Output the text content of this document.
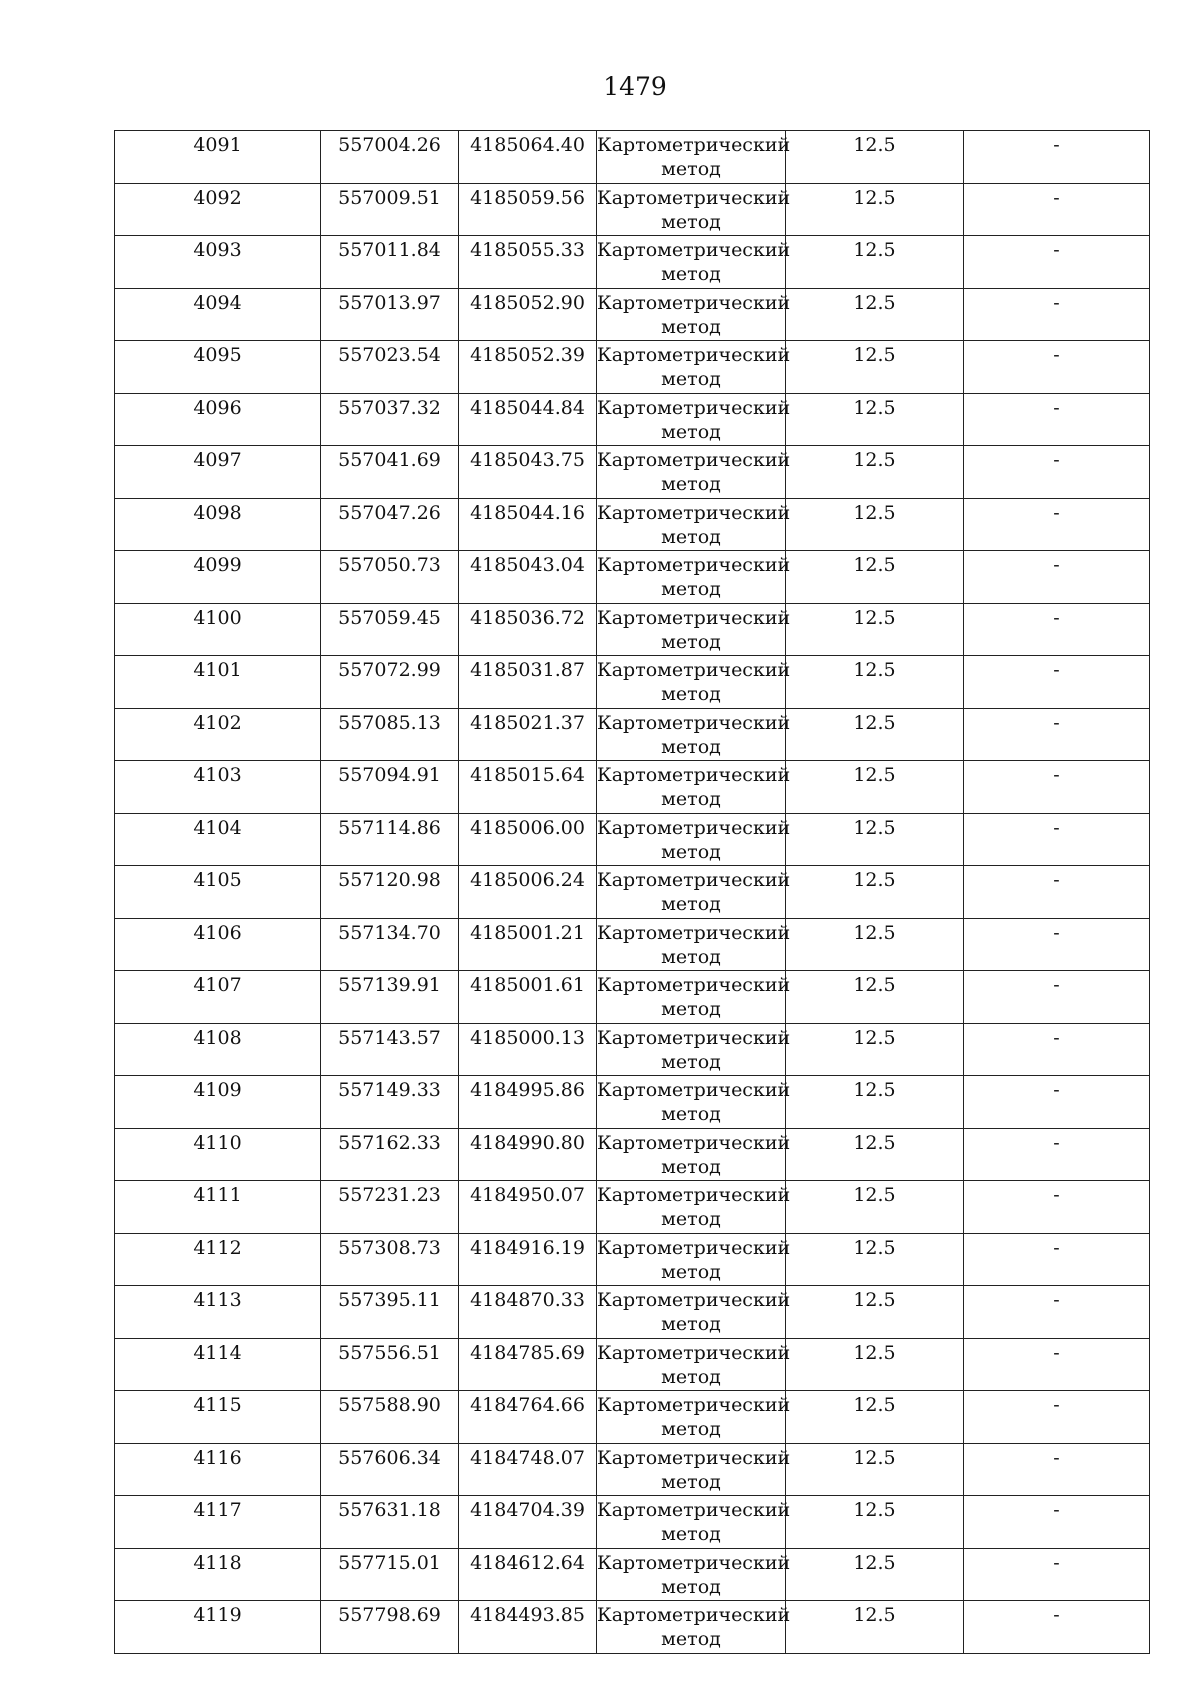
1479
4091	557004.26	4185064.40	Картометрический метод	12.5	-
4092	557009.51	4185059.56	Картометрический метод	12.5	-
4093	557011.84	4185055.33	Картометрический метод	12.5	-
4094	557013.97	4185052.90	Картометрический метод	12.5	-
4095	557023.54	4185052.39	Картометрический метод	12.5	-
4096	557037.32	4185044.84	Картометрический метод	12.5	-
4097	557041.69	4185043.75	Картометрический метод	12.5	-
4098	557047.26	4185044.16	Картометрический метод	12.5	-
4099	557050.73	4185043.04	Картометрический метод	12.5	-
4100	557059.45	4185036.72	Картометрический метод	12.5	-
4101	557072.99	4185031.87	Картометрический метод	12.5	-
4102	557085.13	4185021.37	Картометрический метод	12.5	-
4103	557094.91	4185015.64	Картометрический метод	12.5	-
4104	557114.86	4185006.00	Картометрический метод	12.5	-
4105	557120.98	4185006.24	Картометрический метод	12.5	-
4106	557134.70	4185001.21	Картометрический метод	12.5	-
4107	557139.91	4185001.61	Картометрический метод	12.5	-
4108	557143.57	4185000.13	Картометрический метод	12.5	-
4109	557149.33	4184995.86	Картометрический метод	12.5	-
4110	557162.33	4184990.80	Картометрический метод	12.5	-
4111	557231.23	4184950.07	Картометрический метод	12.5	-
4112	557308.73	4184916.19	Картометрический метод	12.5	-
4113	557395.11	4184870.33	Картометрический метод	12.5	-
4114	557556.51	4184785.69	Картометрический метод	12.5	-
4115	557588.90	4184764.66	Картометрический метод	12.5	-
4116	557606.34	4184748.07	Картометрический метод	12.5	-
4117	557631.18	4184704.39	Картометрический метод	12.5	-
4118	557715.01	4184612.64	Картометрический метод	12.5	-
4119	557798.69	4184493.85	Картометрический метод	12.5	-
